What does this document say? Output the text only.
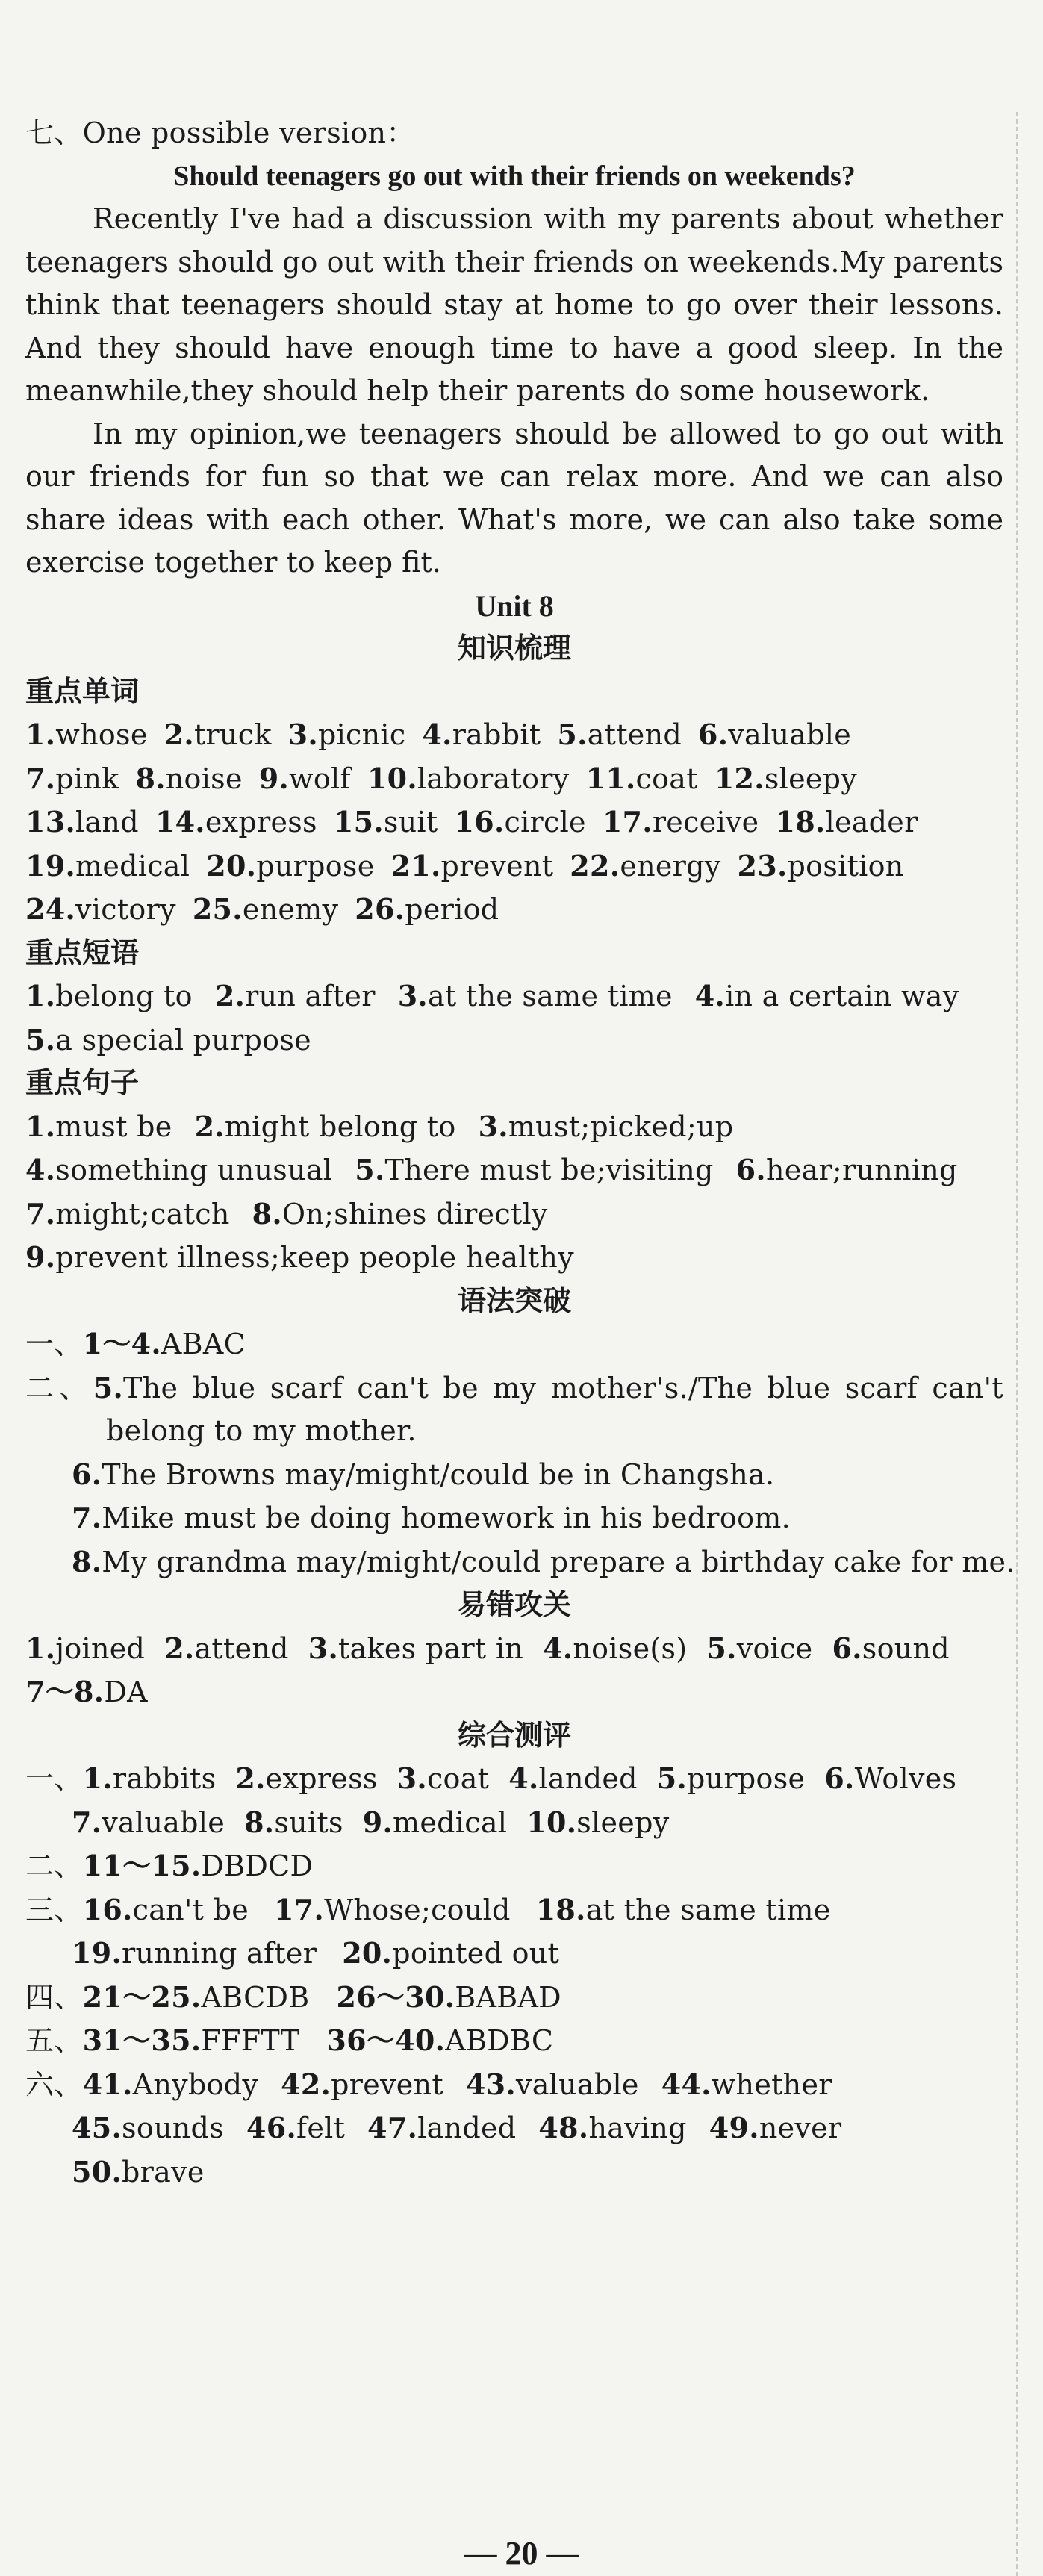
七、One possible version：
Should teenagers go out with their friends on weekends?

Recently I've had a discussion with my parents about whether teenagers should go out with their friends on weekends.My parents think that teenagers should stay at home to go over their lessons. And they should have enough time to have a good sleep. In the meanwhile,they should help their parents do some housework.

In my opinion,we teenagers should be allowed to go out with our friends for fun so that we can relax more. And we can also share ideas with each other. What's more, we can also take some exercise together to keep fit.

Unit 8
知识梳理
重点单词
1.whose 2.truck 3.picnic 4.rabbit 5.attend 6.valuable
7.pink 8.noise 9.wolf 10.laboratory 11.coat 12.sleepy
13.land 14.express 15.suit 16.circle 17.receive 18.leader
19.medical 20.purpose 21.prevent 22.energy 23.position
24.victory 25.enemy 26.period
重点短语
1.belong to 2.run after 3.at the same time 4.in a certain way
5.a special purpose
重点句子
1.must be 2.might belong to 3.must;picked;up
4.something unusual 5.There must be;visiting 6.hear;running
7.might;catch 8.On;shines directly
9.prevent illness;keep people healthy
语法突破
一、1～4.ABAC
二、5.The blue scarf can't be my mother's./The blue scarf can't belong to my mother.
6.The Browns may/might/could be in Changsha.
7.Mike must be doing homework in his bedroom.
8.My grandma may/might/could prepare a birthday cake for me.
易错攻关
1.joined 2.attend 3.takes part in 4.noise(s) 5.voice 6.sound
7～8.DA
综合测评
一、1.rabbits 2.express 3.coat 4.landed 5.purpose 6.Wolves
7.valuable 8.suits 9.medical 10.sleepy
二、11～15.DBDCD
三、16.can't be 17.Whose;could 18.at the same time
19.running after 20.pointed out
四、21～25.ABCDB 26～30.BABAD
五、31～35.FFFTT 36～40.ABDBC
六、41.Anybody 42.prevent 43.valuable 44.whether
45.sounds 46.felt 47.landed 48.having 49.never
50.brave
— 20 —
